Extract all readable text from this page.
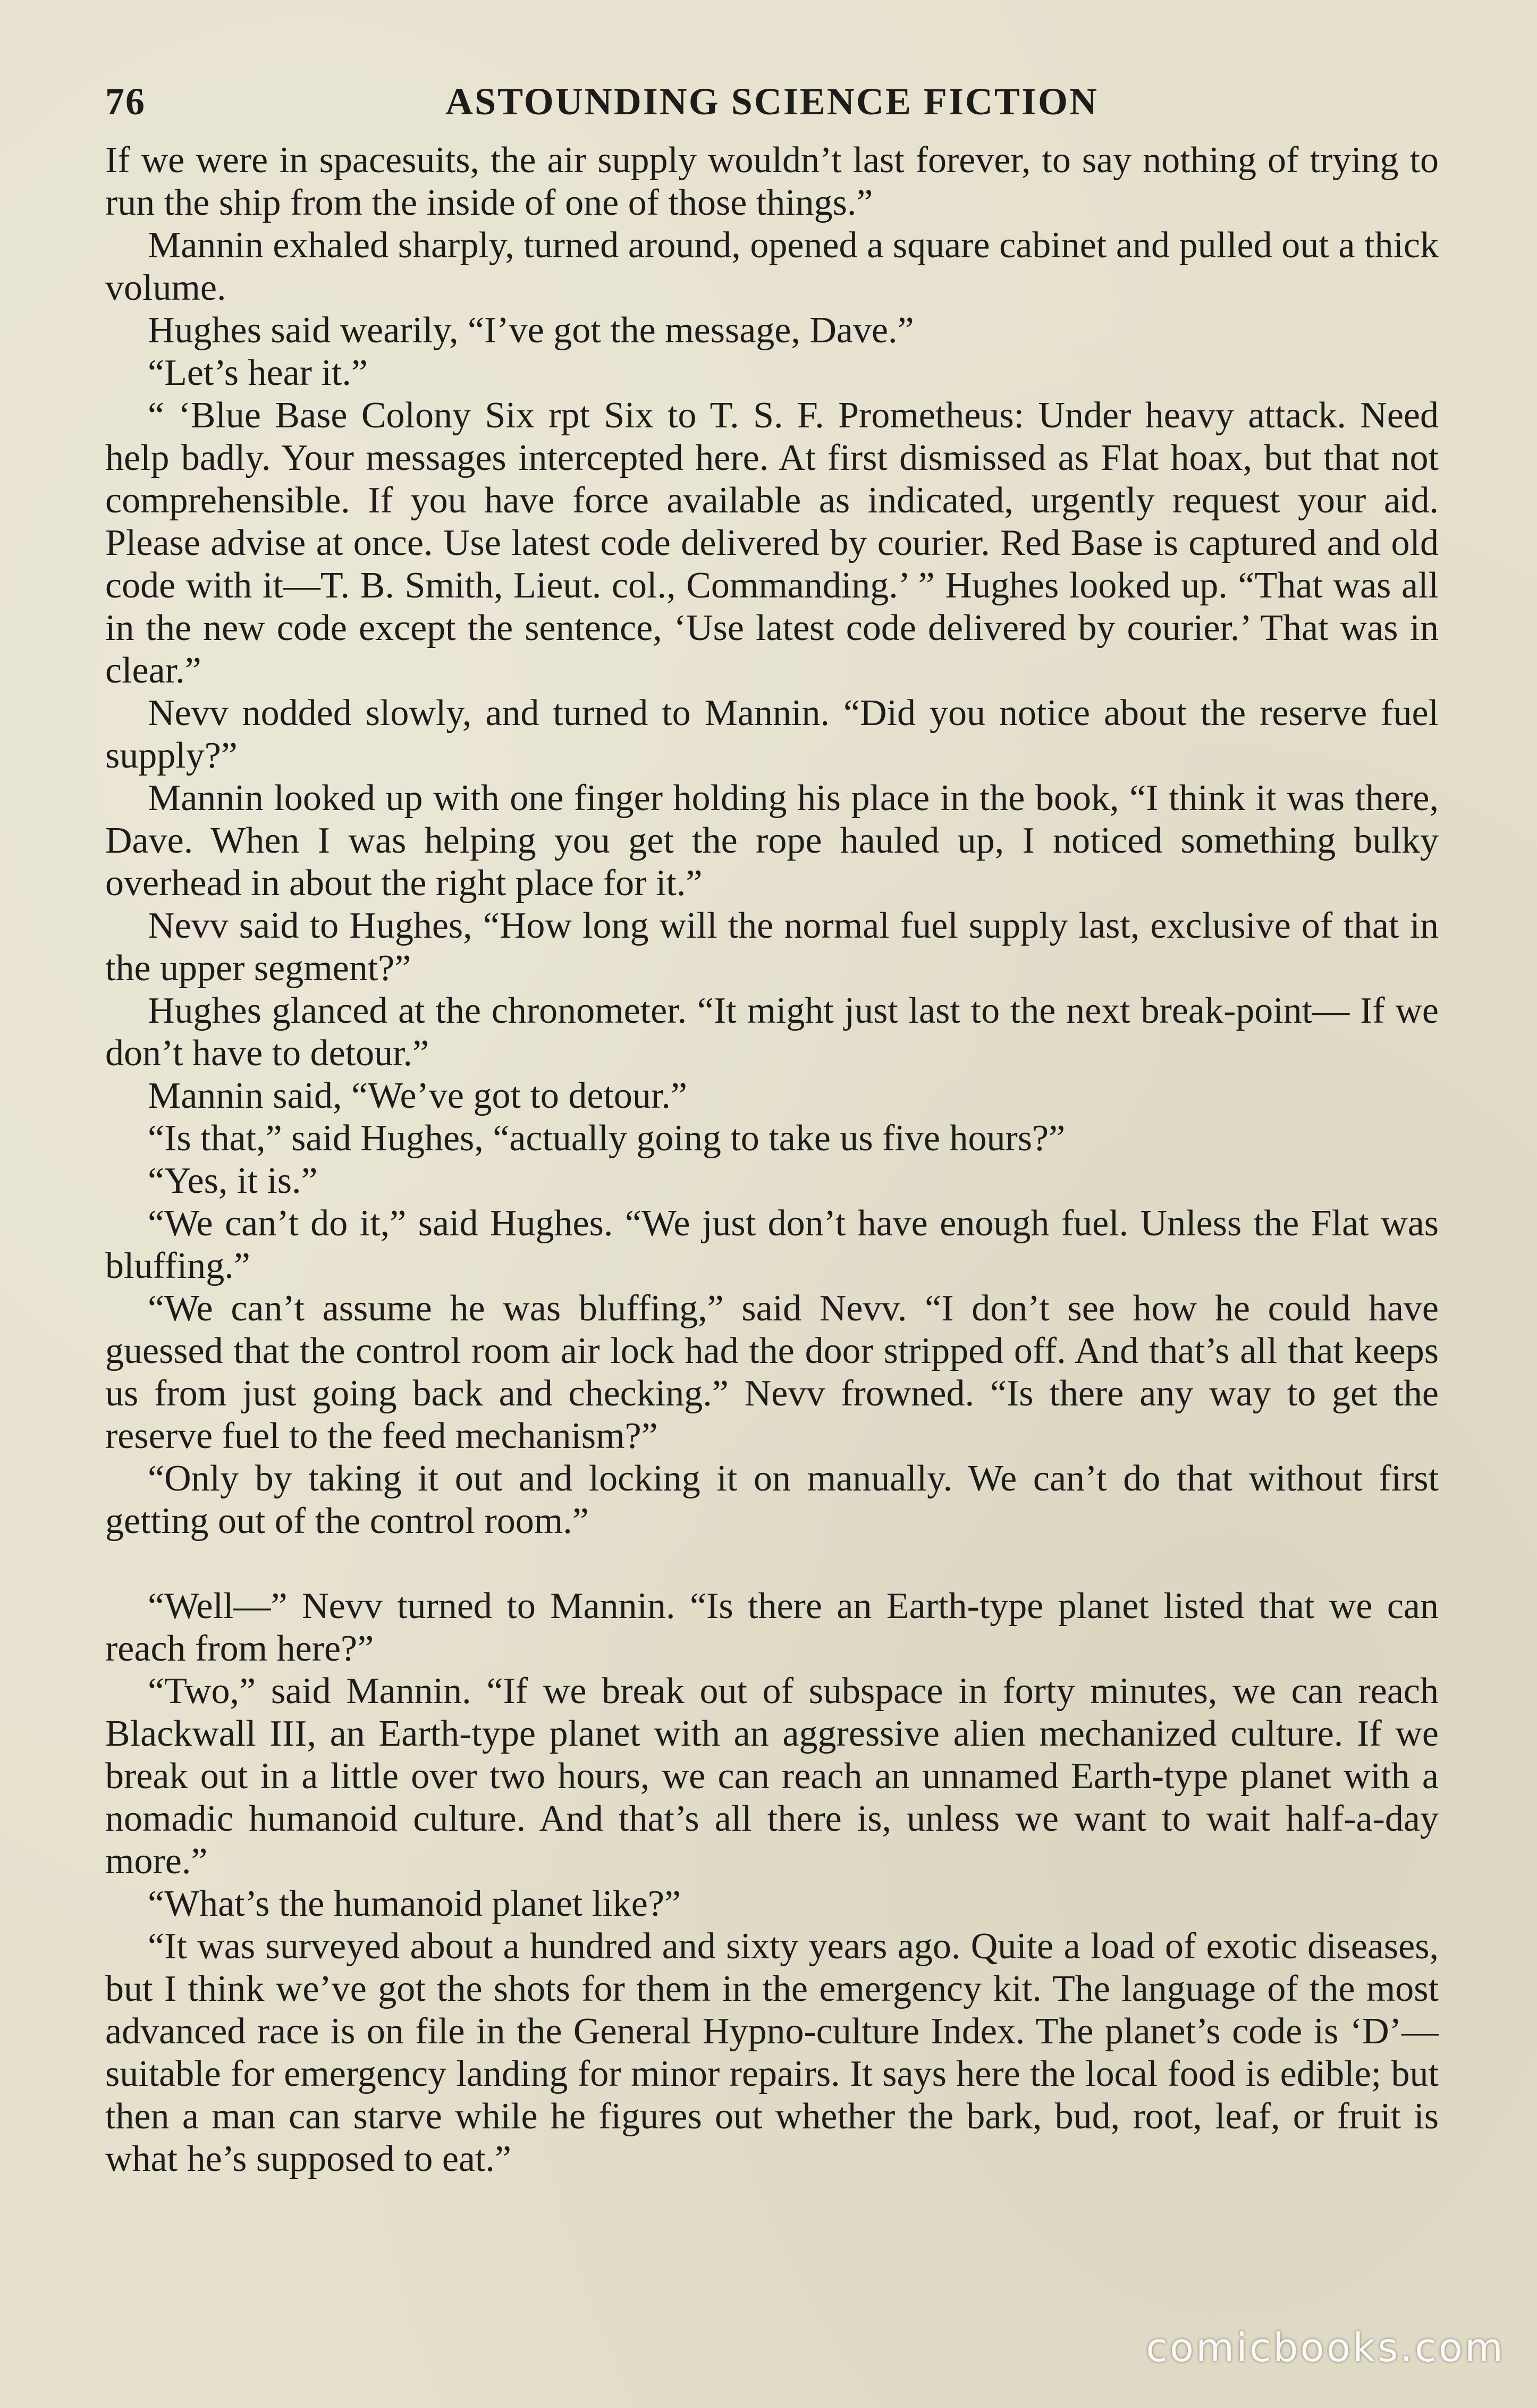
76	ASTOUNDING SCIENCE FICTION

If we were in spacesuits, the air supply wouldn’t last forever, to say nothing of trying to run the ship from the inside of one of those things.”

Mannin exhaled sharply, turned around, opened a square cabinet and pulled out a thick volume.

Hughes said wearily, “I’ve got the message, Dave.”

“Let’s hear it.”

“ ‘Blue Base Colony Six rpt Six to T. S. F. Prometheus: Under heavy attack. Need help badly. Your messages intercepted here. At first dismissed as Flat hoax, but that not comprehensible. If you have force available as indicated, urgently request your aid. Please advise at once. Use latest code delivered by courier. Red Base is captured and old code with it—T. B. Smith, Lieut. col., Commanding.’ ” Hughes looked up. “That was all in the new code except the sentence, ‘Use latest code delivered by courier.’ That was in clear.”

Nevv nodded slowly, and turned to Mannin. “Did you notice about the reserve fuel supply?”

Mannin looked up with one finger holding his place in the book, “I think it was there, Dave. When I was helping you get the rope hauled up, I noticed something bulky overhead in about the right place for it.”

Nevv said to Hughes, “How long will the normal fuel supply last, exclusive of that in the upper segment?”

Hughes glanced at the chronometer. “It might just last to the next break-point— If we don’t have to detour.”

Mannin said, “We’ve got to detour.”

“Is that,” said Hughes, “actually going to take us five hours?”

“Yes, it is.”

“We can’t do it,” said Hughes. “We just don’t have enough fuel. Unless the Flat was bluffing.”

“We can’t assume he was bluffing,” said Nevv. “I don’t see how he could have guessed that the control room air lock had the door stripped off. And that’s all that keeps us from just going back and checking.” Nevv frowned. “Is there any way to get the reserve fuel to the feed mechanism?”

“Only by taking it out and locking it on manually. We can’t do that without first getting out of the control room.”

“Well—” Nevv turned to Mannin. “Is there an Earth-type planet listed that we can reach from here?”

“Two,” said Mannin. “If we break out of subspace in forty minutes, we can reach Blackwall III, an Earth-type planet with an aggressive alien mechanized culture. If we break out in a little over two hours, we can reach an unnamed Earth-type planet with a nomadic humanoid culture. And that’s all there is, unless we want to wait half-a-day more.”

“What’s the humanoid planet like?”

“It was surveyed about a hundred and sixty years ago. Quite a load of exotic diseases, but I think we’ve got the shots for them in the emergency kit. The language of the most advanced race is on file in the General Hypno-culture Index. The planet’s code is ‘D’—suitable for emergency landing for minor repairs. It says here the local food is edible; but then a man can starve while he figures out whether the bark, bud, root, leaf, or fruit is what he’s supposed to eat.”

comicbooks.com
